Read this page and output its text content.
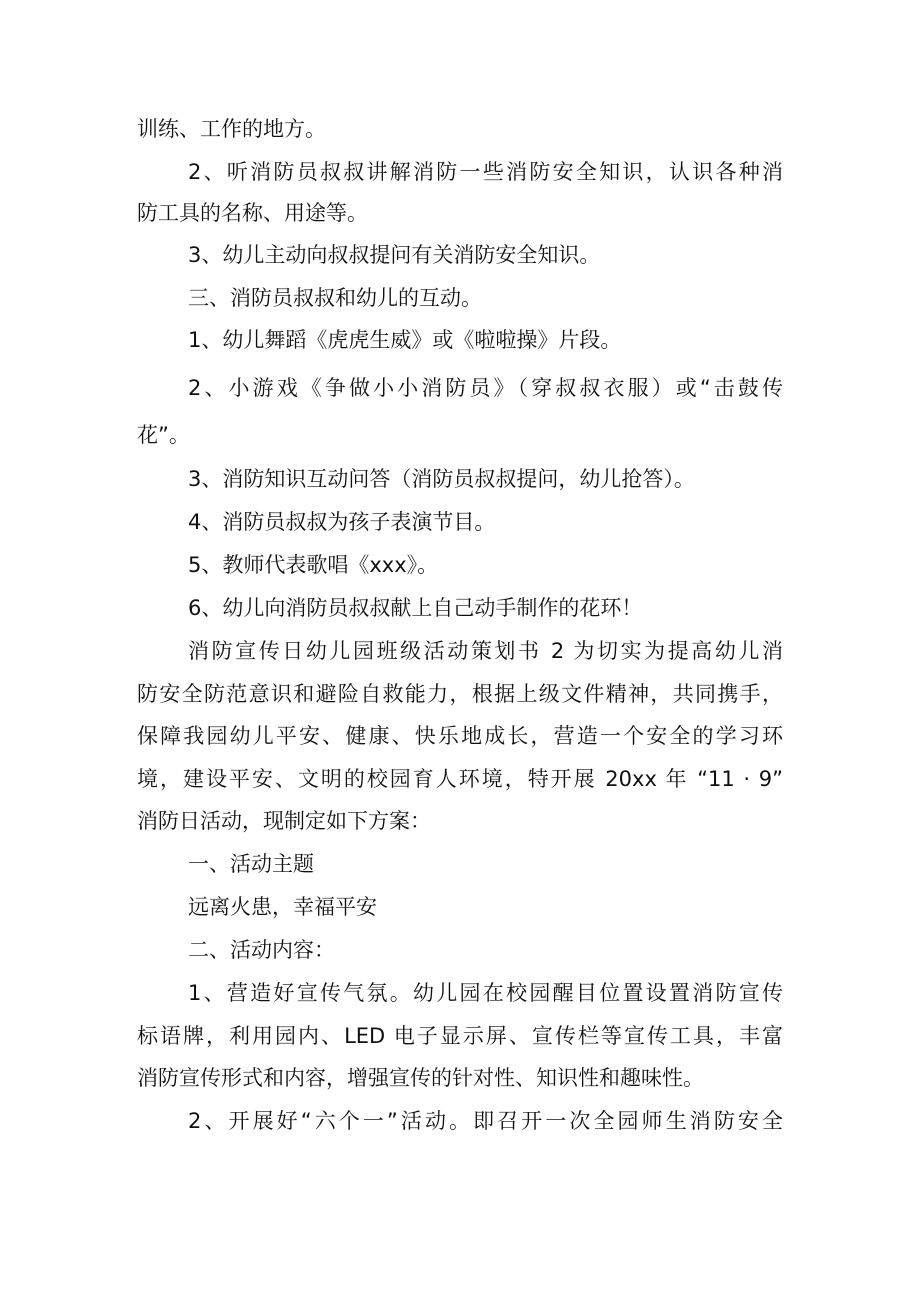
训练、工作的地方。
2、听消防员叔叔讲解消防一些消防安全知识，认识各种消
防工具的名称、用途等。
3、幼儿主动向叔叔提问有关消防安全知识。
三、消防员叔叔和幼儿的互动。
1、幼儿舞蹈《虎虎生威》或《啦啦操》片段。
2、小游戏《争做小小消防员》（穿叔叔衣服）或“击鼓传
花”。
3、消防知识互动问答（消防员叔叔提问，幼儿抢答）。
4、消防员叔叔为孩子表演节目。
5、教师代表歌唱《xxx》。
6、幼儿向消防员叔叔献上自己动手制作的花环！
消防宣传日幼儿园班级活动策划书 2 为切实为提高幼儿消
防安全防范意识和避险自救能力，根据上级文件精神，共同携手，
保障我园幼儿平安、健康、快乐地成长，营造一个安全的学习环
境，建设平安、文明的校园育人环境，特开展 20xx 年 “11 · 9”
消防日活动，现制定如下方案：
一、活动主题
远离火患，幸福平安
二、活动内容：
1、营造好宣传气氛。幼儿园在校园醒目位置设置消防宣传
标语牌，利用园内、LED 电子显示屏、宣传栏等宣传工具，丰富
消防宣传形式和内容，增强宣传的针对性、知识性和趣味性。
2、开展好“六个一”活动。即召开一次全园师生消防安全
